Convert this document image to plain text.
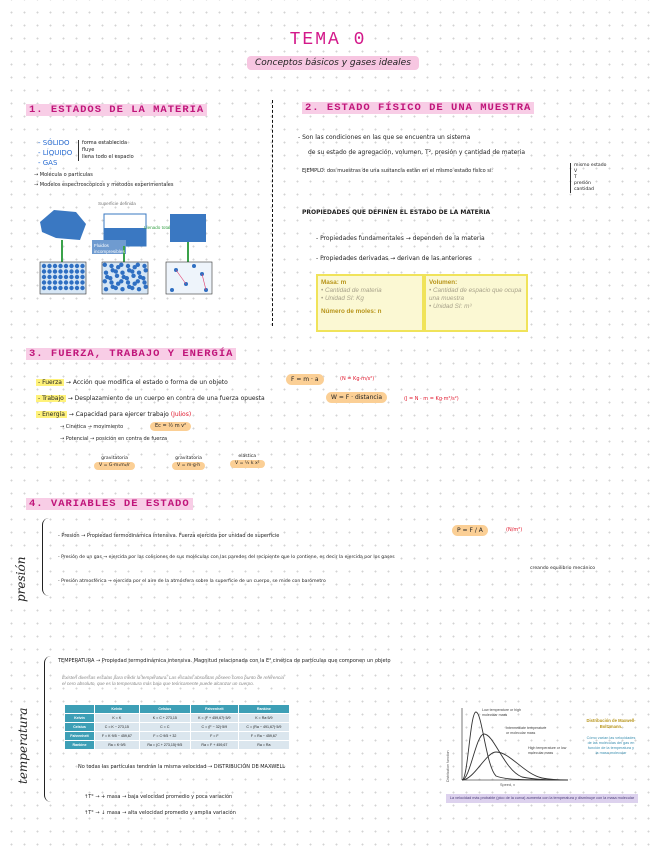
TEMA 0
Conceptos básicos y gases ideales
1. ESTADOS DE LA MATERIA
- SÓLIDO
- LÍQUIDO
- GAS
forma establecida
fluye
llena todo el espacio
→ Molécula o partículas
→ Modelos espectroscópicos y métodos experimentales
Superficie definida
Fluidos incompresibles
Llenado total
2. ESTADO FÍSICO DE UNA MUESTRA
- Son las condiciones en las que se encuentra un sistema
de su estado de agregación, volumen, T², presión y cantidad de materia
EJEMPLO: dos muestras de una sustancia están en el mismo estado físico si:
mismo estado
V
T
presión
cantidad
PROPIEDADES QUE DEFINEN EL ESTADO DE LA MATERIA
- Propiedades fundamentales → dependen de la materia
- Propiedades derivadas → derivan de las anteriores
Masa: m
• Cantidad de materia
• Unidad SI: Kg
Número de moles: n
Volumen:
• Cantidad de espacio que ocupa una muestra
• Unidad SI: m³
3. FUERZA, TRABAJO Y ENERGÍA
- Fuerza → Acción que modifica el estado o forma de un objeto	F = m · a	(N = Kg·m/s²)
- Trabajo → Desplazamiento de un cuerpo en contra de una fuerza opuesta	W = F · distancia	(J = N · m = Kg·m²/s²)
- Energía → Capacidad para ejercer trabajo (Julios)
→ Cinética → movimiento	Ec = ½ m v²
→ Potencial → posición en contra de fuerza
gravitatoria
V = G·m₁m₂/r
gravitatoria
V = m·g·h
elástica
V = ½ k x²
4. VARIABLES DE ESTADO
presión
- Presión → Propiedad termodinámica intensiva. Fuerza ejercida por unidad de superficie
P = F / A	(N/m²)
- Presión de un gas → ejercida por las colisiones de sus moléculas con las paredes del recipiente que lo contiene, es decir la ejercida por los gases
creando equilibrio mecánico
- Presión atmosférica → ejercida por el aire de la atmósfera sobre la superficie de un cuerpo, se mide con barómetro
temperatura
TEMPERATURA → Propiedad termodinámica intensiva. Magnitud relacionada con la E² cinética de partículas que componen un objeto
Existen diversas escalas para medir la temperatura. Las escalas absolutas poseen como punto de referencia el cero absoluto, que es la temperatura más baja que teóricamente puede alcanzar un cuerpo.
	Kelvin	Celsius	Fahrenheit	Rankine
Kelvin	K = K	K = C + 273,15	K = (F + 459,67)·5/9	K = Ra·5/9
Celsius	C = K − 273,15	C = C	C = (F − 32)·5/9	C = (Ra − 491,67)·5/9
Fahrenheit	F = K·9/5 − 459,67	F = C·9/5 + 32	F = F	F = Ra − 459,67
Rankine	Ra = K·9/5	Ra = (C + 273,15)·9/5	Ra = F + 459,67	Ra = Ra
No todas las partículas tendrán la misma velocidad → DISTRIBUCIÓN DE MAXWELL
↑T° → + masa → baja velocidad promedio y poca variación
↑T° → ↓ masa → alta velocidad promedio y amplia variación
Distribution function
Speed, v
Low temperature or high molecular mass
Intermediate temperature or molecular mass
High temperature or low molecular mass
Distribución de Maxwell-Boltzmann.
Cómo varían las velocidades de las moléculas del gas en función de la temperatura y la masa molecular
La velocidad más probable (pico de la curva) aumenta con la temperatura y disminuye con la masa molecular
